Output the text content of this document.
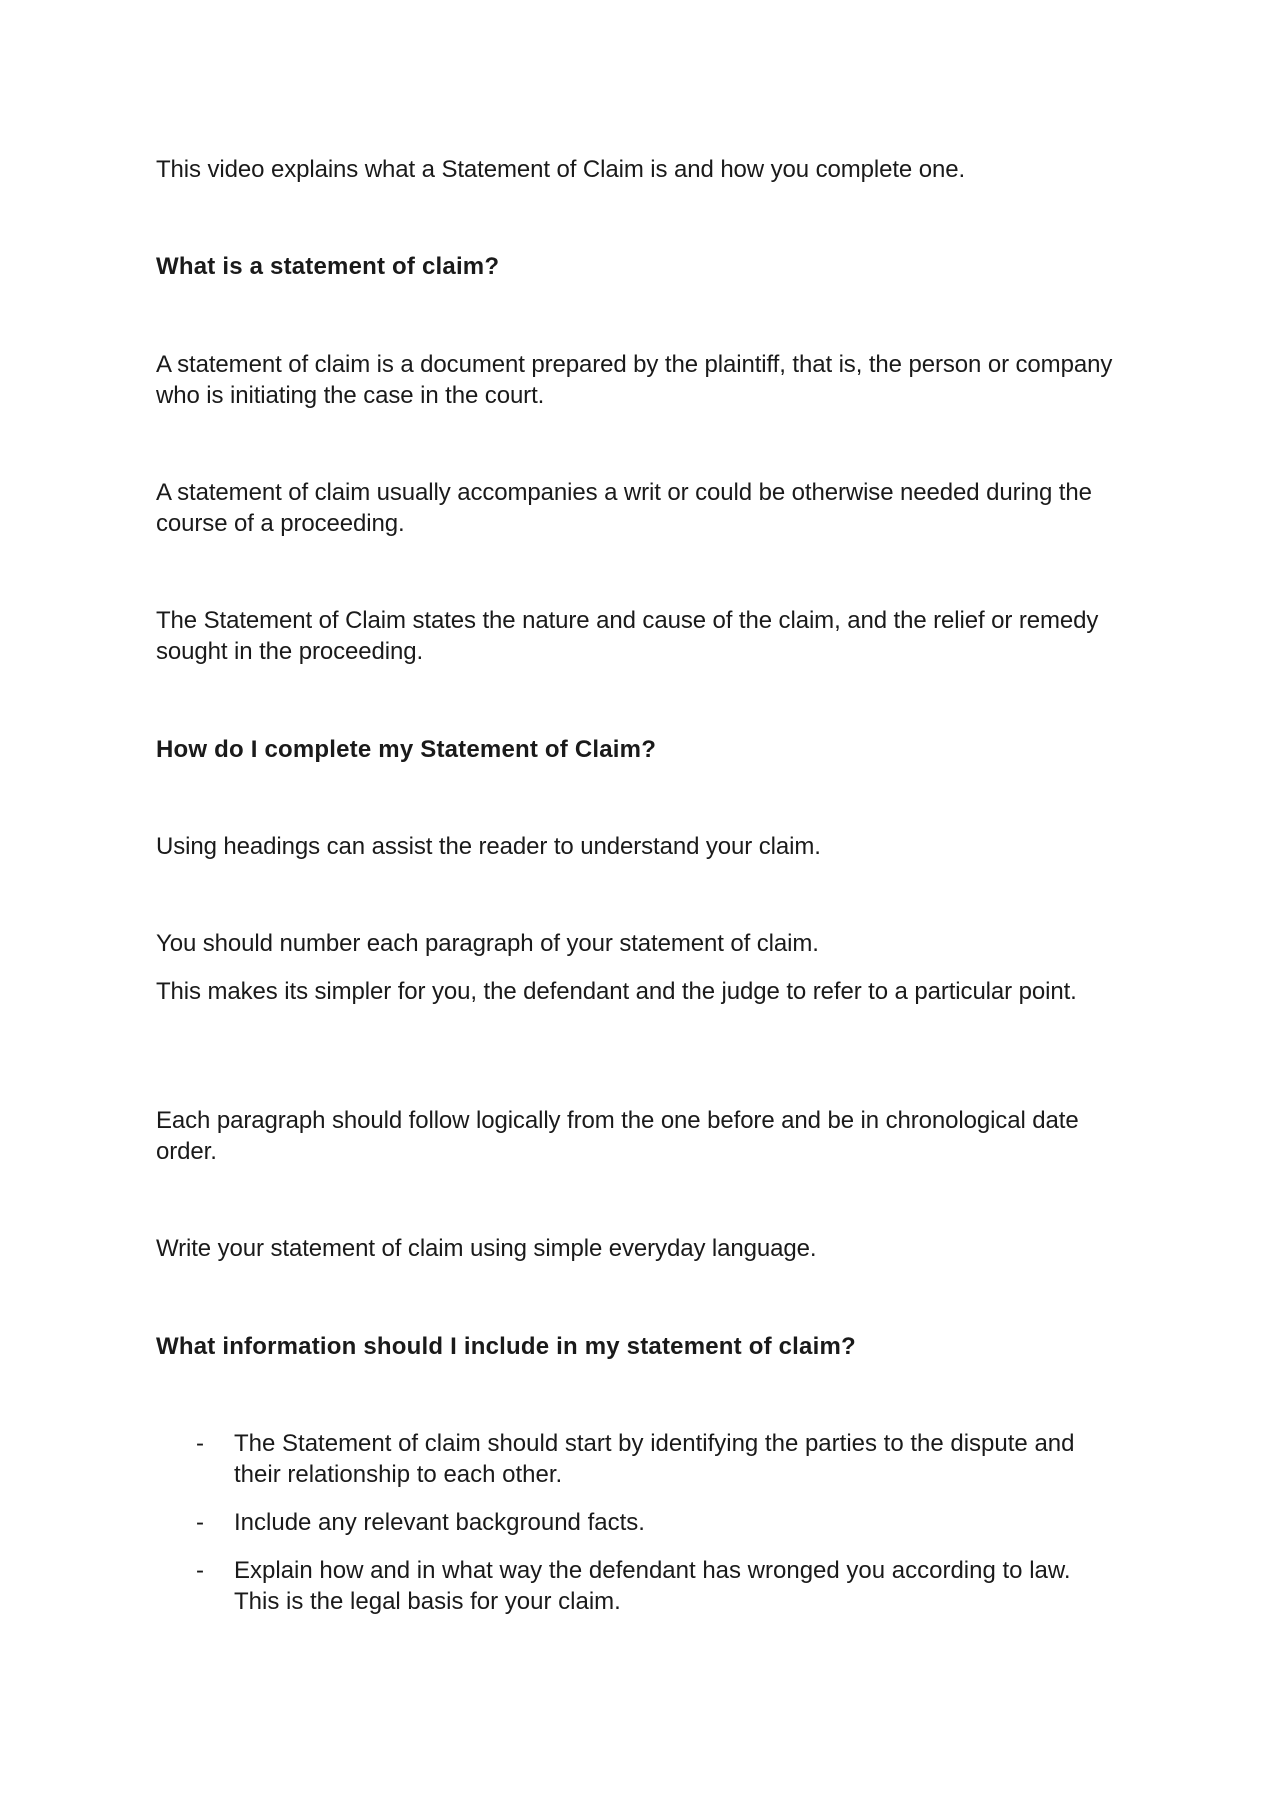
This video explains what a Statement of Claim is and how you complete one.

What is a statement of claim?

A statement of claim is a document prepared by the plaintiff, that is, the person or company who is initiating the case in the court.

A statement of claim usually accompanies a writ or could be otherwise needed during the course of a proceeding.

The Statement of Claim states the nature and cause of the claim, and the relief or remedy sought in the proceeding.

How do I complete my Statement of Claim?

Using headings can assist the reader to understand your claim.

You should number each paragraph of your statement of claim.

This makes its simpler for you, the defendant and the judge to refer to a particular point.

Each paragraph should follow logically from the one before and be in chronological date order.

Write your statement of claim using simple everyday language.

What information should I include in my statement of claim?

- The Statement of claim should start by identifying the parties to the dispute and their relationship to each other.
- Include any relevant background facts.
- Explain how and in what way the defendant has wronged you according to law. This is the legal basis for your claim.
